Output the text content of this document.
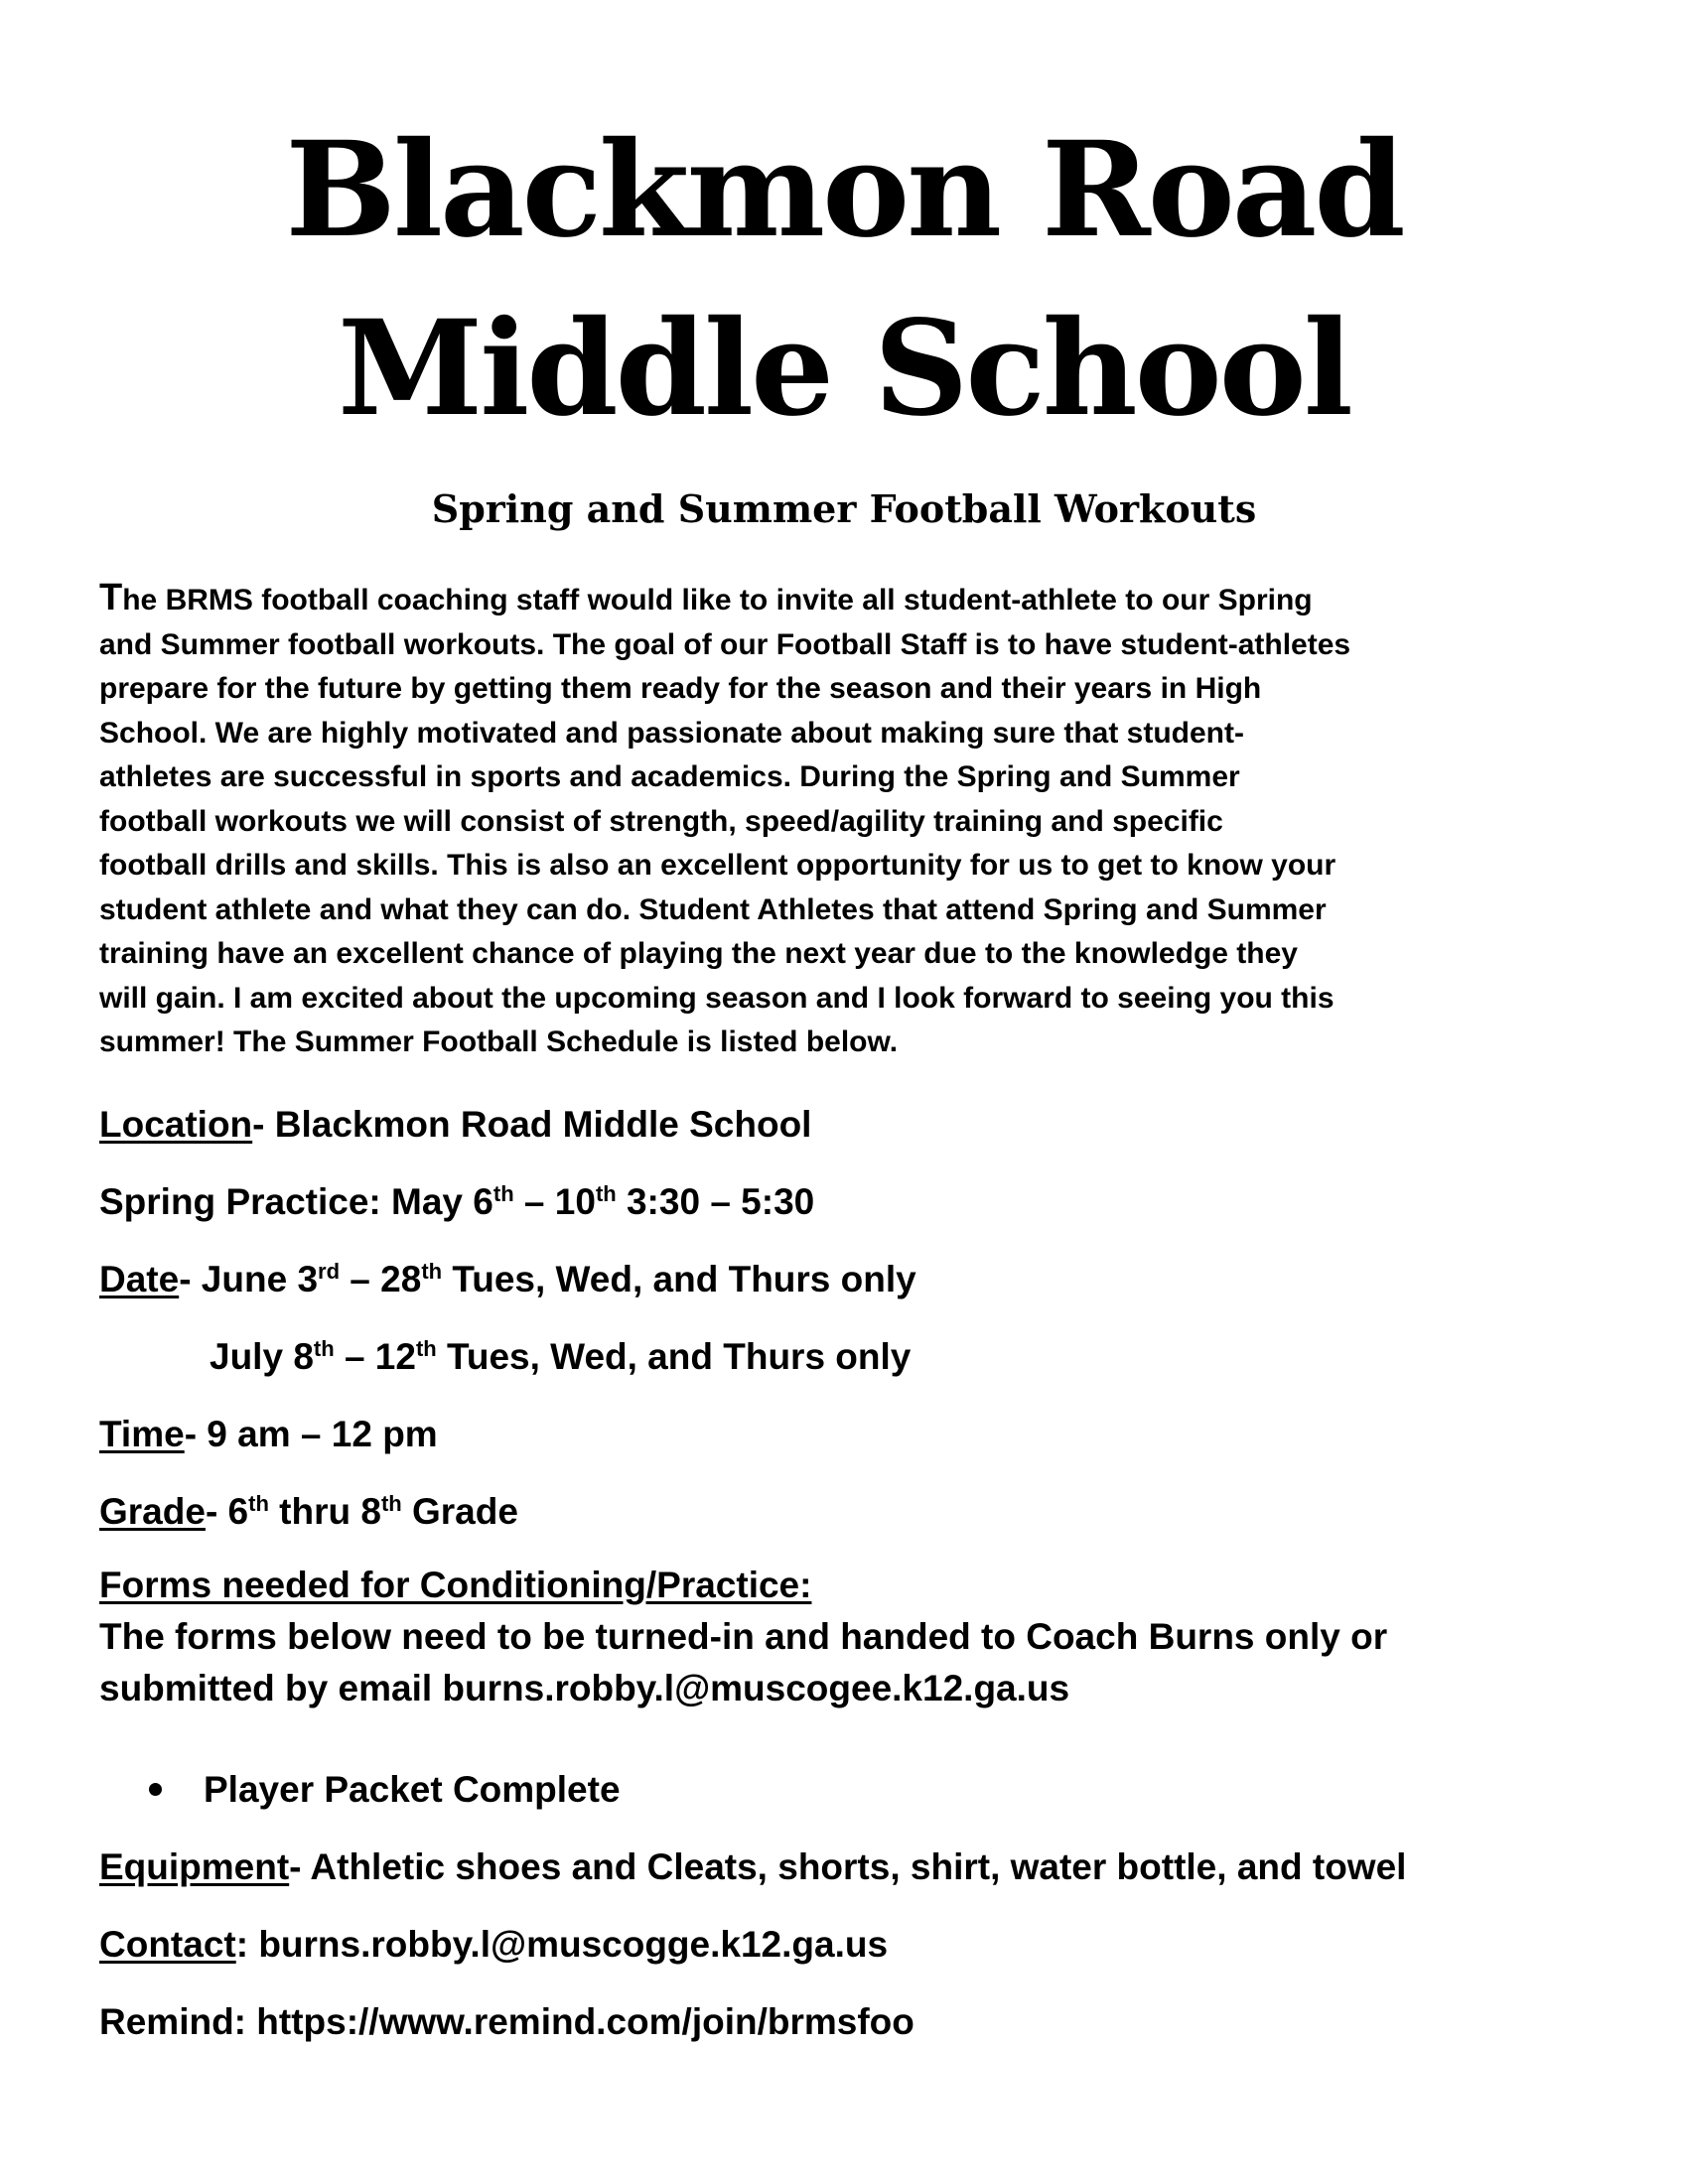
Blackmon Road
Middle School
Spring and Summer Football Workouts
The BRMS football coaching staff would like to invite all student-athlete to our Spring
and Summer football workouts. The goal of our Football Staff is to have student-athletes
prepare for the future by getting them ready for the season and their years in High
School. We are highly motivated and passionate about making sure that student-
athletes are successful in sports and academics. During the Spring and Summer
football workouts we will consist of strength, speed/agility training and specific
football drills and skills. This is also an excellent opportunity for us to get to know your
student athlete and what they can do. Student Athletes that attend Spring and Summer
training have an excellent chance of playing the next year due to the knowledge they
will gain. I am excited about the upcoming season and I look forward to seeing you this
summer! The Summer Football Schedule is listed below.
Location- Blackmon Road Middle School
Spring Practice: May 6th – 10th 3:30 – 5:30
Date- June 3rd – 28th Tues, Wed, and Thurs only
July 8th – 12th Tues, Wed, and Thurs only
Time- 9 am – 12 pm
Grade- 6th thru 8th Grade
Forms needed for Conditioning/Practice:
The forms below need to be turned-in and handed to Coach Burns only or
submitted by email burns.robby.l@muscogee.k12.ga.us
Player Packet Complete
Equipment- Athletic shoes and Cleats, shorts, shirt, water bottle, and towel
Contact: burns.robby.l@muscogge.k12.ga.us
Remind: https://www.remind.com/join/brmsfoo
